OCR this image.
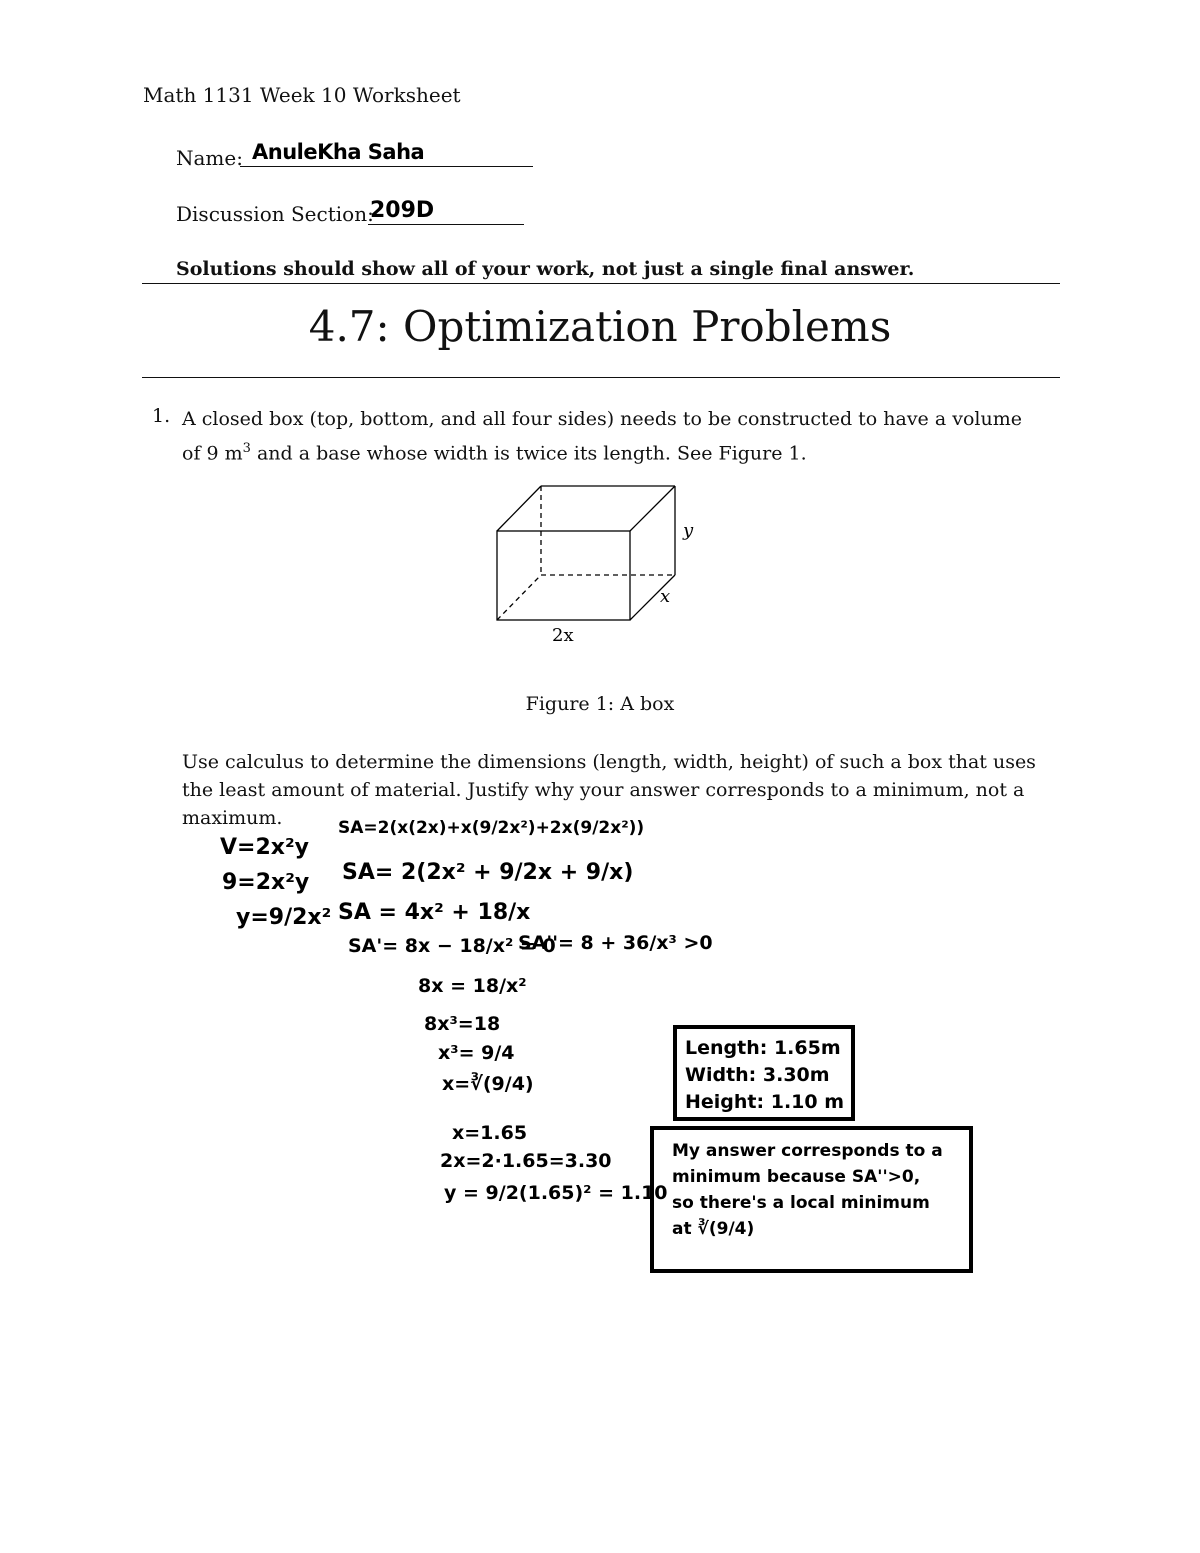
Math 1131 Week 10 Worksheet
Name: AnuleKha Saha
Discussion Section:
209D
Solutions should show all of your work, not just a single final answer.
4.7: Optimization Problems
1. A closed box (top, bottom, and all four sides) needs to be constructed to have a volume
of 9 $m^3$ and a base whose width is twice its length. See Figure 1.
y
x
2x
Figure 1: A box
Use calculus to determine the dimensions (length, width, height) of such a box that uses the least amount of material. Justify why your answer corresponds to a minimum, not a maximum.
V=2x²y
9=2x²y
y=9/2x²
SA=2(x(2x)+x(9/2x²)+2x(9/2x²))
SA= 2(2x² + 9/2x + 9/x)
SA = 4x² + 18/x
SA'= 8x − 18/x² = 0
SA''= 8 + 36/x³ >0
8x = 18/x²
8x³=18
x³= 9/4
x=∛(9/4)
x=1.65
2x=2·1.65=3.30
y = 9/2(1.65)² = 1.10
Length: 1.65m
Width: 3.30m
Height: 1.10 m
My answer corresponds to a
minimum because SA''>0,
so there's a local minimum
at ∛(9/4)
